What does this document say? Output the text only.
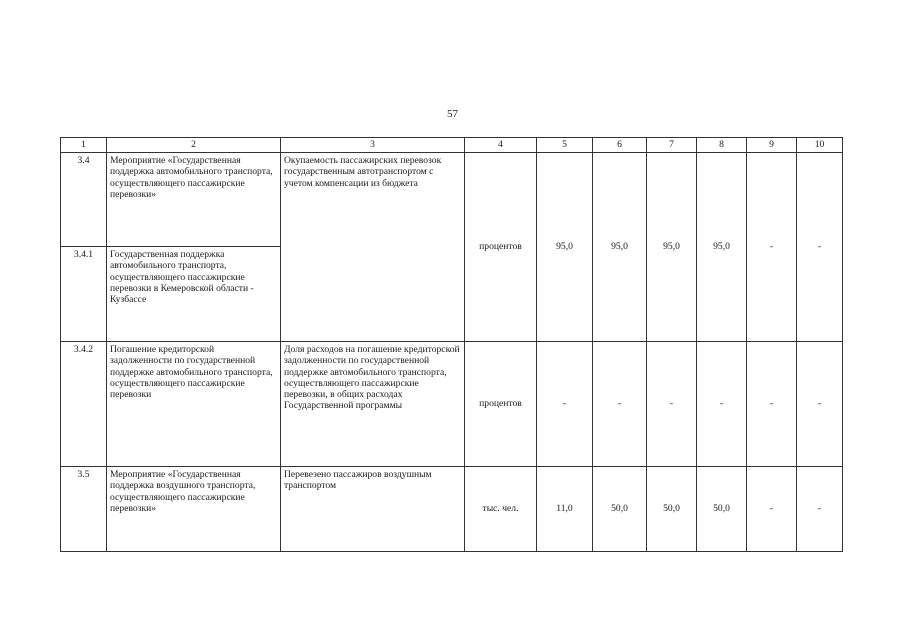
57
1	2	3	4	5	6	7	8	9	10
3.4	Мероприятие «Государственная поддержка автомобильного транспорта, осуществляющего пассажирские перевозки»	Окупаемость пассажирских перевозок государственным автотранспортом с учетом компенсации из бюджета	процентов	95,0	95,0	95,0	95,0	-	-
3.4.1	Государственная поддержка автомобильного транспорта, осуществляющего пассажирские перевозки в Кемеровской области - Кузбассе								
3.4.2	Погашение кредиторской задолженности по государственной поддержке автомобильного транспорта, осуществляющего пассажирские перевозки	Доля расходов на погашение кредиторской задолженности по государственной поддержке автомобильного транспорта, осуществляющего пассажирские перевозки, в общих расходах Государственной программы	процентов	-	-	-	-	-	-
3.5	Мероприятие «Государственная поддержка воздушного транспорта, осуществляющего пассажирские перевозки»	Перевезено пассажиров воздушным транспортом	тыс. чел.	11,0	50,0	50,0	50,0	-	-
